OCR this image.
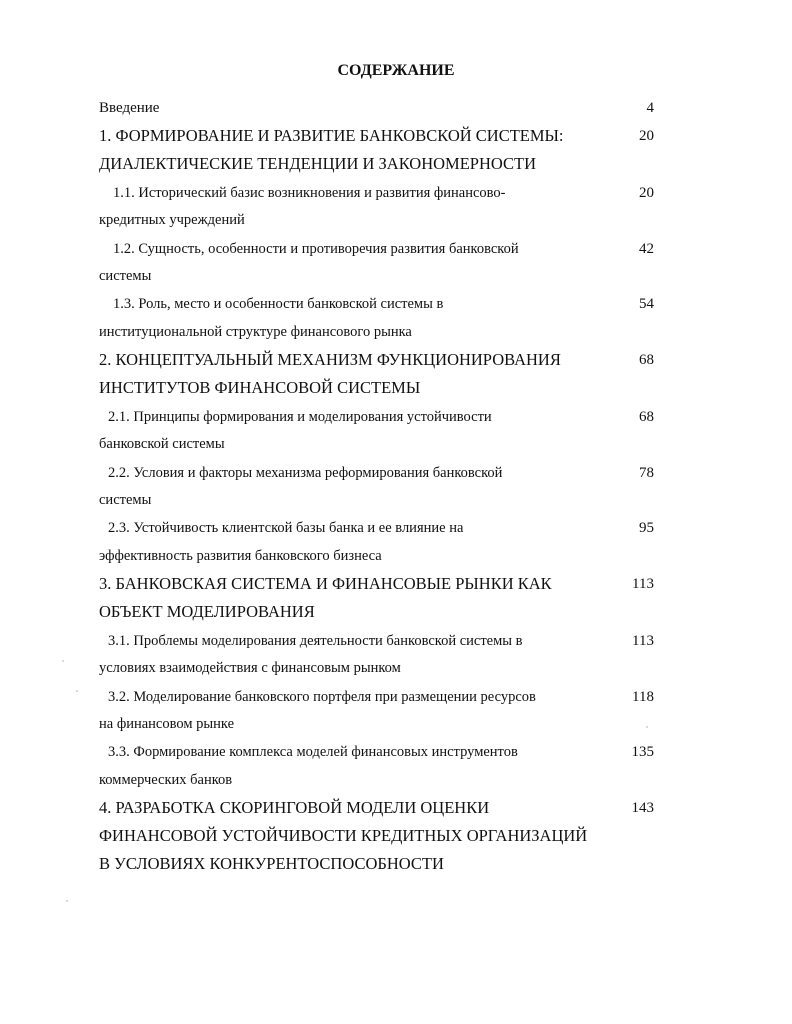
СОДЕРЖАНИЕ
Введение	4
1. ФОРМИРОВАНИЕ И РАЗВИТИЕ БАНКОВСКОЙ СИСТЕМЫ:
ДИАЛЕКТИЧЕСКИЕ ТЕНДЕНЦИИ И ЗАКОНОМЕРНОСТИ
20
1.1. Исторический базис возникновения и развития финансово-
кредитных учреждений
20
1.2. Сущность, особенности и противоречия развития банковской
системы
42
1.3. Роль, место и особенности банковской системы в
институциональной структуре финансового рынка
54
2. КОНЦЕПТУАЛЬНЫЙ МЕХАНИЗМ ФУНКЦИОНИРОВАНИЯ
ИНСТИТУТОВ ФИНАНСОВОЙ СИСТЕМЫ
68
2.1. Принципы формирования и моделирования устойчивости
банковской системы
68
2.2. Условия и факторы механизма реформирования банковской
системы
78
2.3. Устойчивость клиентской базы банка и ее влияние на
эффективность развития банковского бизнеса
95
3. БАНКОВСКАЯ СИСТЕМА И ФИНАНСОВЫЕ РЫНКИ КАК
ОБЪЕКТ МОДЕЛИРОВАНИЯ
113
3.1. Проблемы моделирования деятельности банковской системы в
условиях взаимодействия с финансовым рынком
113
3.2. Моделирование банковского портфеля при размещении ресурсов
на финансовом рынке
118
3.3. Формирование комплекса моделей финансовых инструментов
коммерческих банков
135
4. РАЗРАБОТКА СКОРИНГОВОЙ МОДЕЛИ ОЦЕНКИ
ФИНАНСОВОЙ УСТОЙЧИВОСТИ КРЕДИТНЫХ ОРГАНИЗАЦИЙ
В УСЛОВИЯХ КОНКУРЕНТОСПОСОБНОСТИ
143
